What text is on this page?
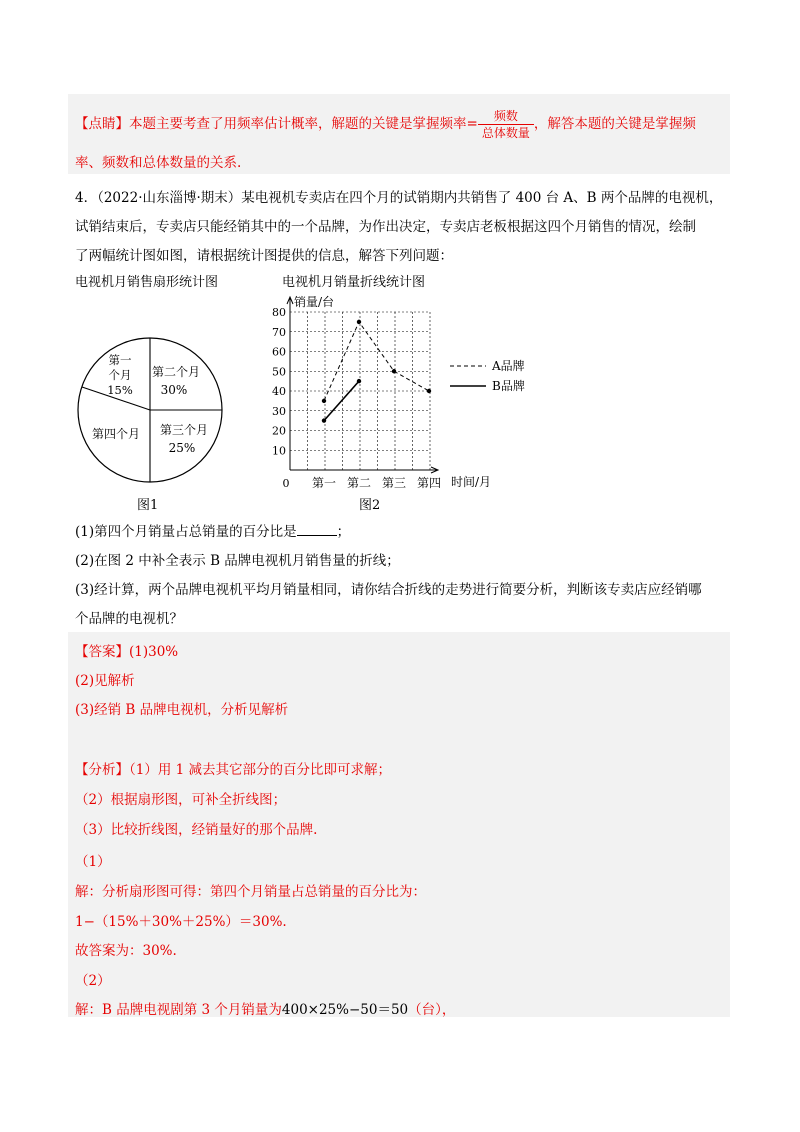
【点睛】本题主要考查了用频率估计概率，解题的关键是掌握频率= $\frac{\text{频数}}{\text{总体数量}}$ ，解答本题的关键是掌握频
率、频数和总体数量的关系.
4．（2022·山东淄博·期末）某电视机专卖店在四个月的试销期内共销售了 400 台 A、B 两个品牌的电视机，
试销结束后，专卖店只能经销其中的一个品牌，为作出决定，专卖店老板根据这四个月销售的情况，绘制
了两幅统计图如图，请根据统计图提供的信息，解答下列问题：
电视机月销售扇形统计图	电视机月销量折线统计图
第一
个月
15%
第二个月
30%
第三个月
25%
第四个月
图1
10
20
30
40
50
60
70
80
销量/台
时间/月
0 第一 第二 第三 第四
A品牌
B品牌
图2
(1)第四个月销量占总销量的百分比是	；
(2)在图 2 中补全表示 B 品牌电视机月销售量的折线；
(3)经计算，两个品牌电视机平均月销量相同，请你结合折线的走势进行简要分析，判断该专卖店应经销哪
个品牌的电视机？
【答案】(1)30%
(2)见解析
(3)经销 B 品牌电视机，分析见解析
【分析】（1）用 1 减去其它部分的百分比即可求解；
（2）根据扇形图，可补全折线图；
（3）比较折线图，经销量好的那个品牌.
（1）
解：分析扇形图可得：第四个月销量占总销量的百分比为：
1−（15%＋30%＋25%）＝30%.
故答案为：30%.
（2）
解：B 品牌电视剧第 3 个月销量为400×25%−50＝50（台），
